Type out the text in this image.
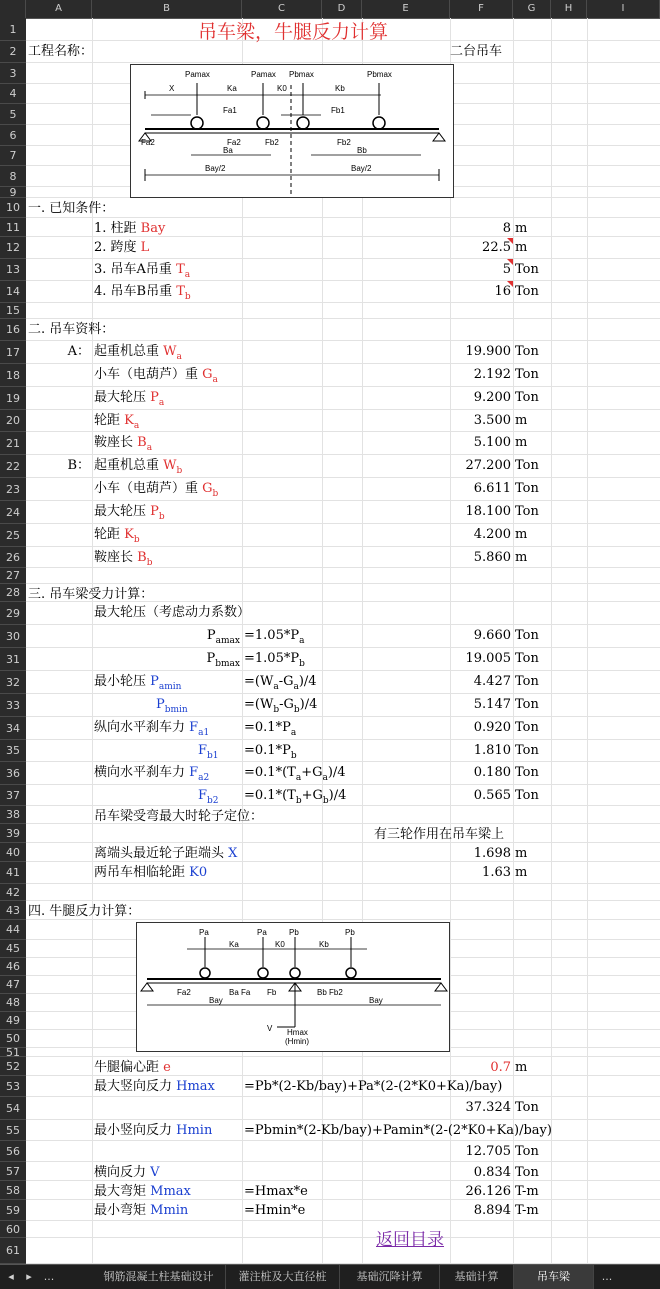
A	B	C	D	E	F	G	H	I
1
2
3
4
5
6
7
8
9
10
11
12
13
14
15
16
17
18
19
20
21
22
23
24
25
26
27
28
29
30
31
32
33
34
35
36
37
38
39
40
41
42
43
44
45
46
47
48
49
50
51
52
53
54
55
56
57
58
59
60
61
吊车梁，牛腿反力计算
工程名称：	二台吊车
Pamax	Pamax Pbmax	Pbmax
X	Ka	K0	Kb
Fa1	Fb1
Fa2	Fa2	Fb2	Fb2
Ba	Bb
Bay/2	Bay/2
一. 已知条件：
1. 柱距 Bay	8 m
2. 跨度 L	22.5 m
3. 吊车A吊重 $T_a$	5 Ton
4. 吊车B吊重 $T_b$	16 Ton
二. 吊车资料：
A： 起重机总重 $W_a$	19.900 Ton
小车（电葫芦）重 $G_a$	2.192 Ton
最大轮压 $P_a$	9.200 Ton
轮距 $K_a$	3.500 m
鞍座长 $B_a$	5.100 m
B： 起重机总重 $W_b$	27.200 Ton
小车（电葫芦）重 $G_b$	6.611 Ton
最大轮压 $P_b$	18.100 Ton
轮距 $K_b$	4.200 m
鞍座长 $B_b$	5.860 m
三. 吊车梁受力计算：
最大轮压（考虑动力系数）
$P_{amax} =1.05*P_a$	9.660 Ton
$P_{bmax} =1.05*P_b$	19.005 Ton
最小轮压 $P_{amin}$	$=(W_a-G_a)/4$	4.427 Ton
$P_{bmin}$	$=(W_b-G_b)/4$	5.147 Ton
纵向水平刹车力 $F_{a1}$	$=0.1*P_a$	0.920 Ton
$F_{b1} =0.1*P_b$	1.810 Ton
横向水平刹车力 $F_{a2}$	$=0.1*(T_a+G_a)/4$	0.180 Ton
$F_{b2} =0.1*(T_b+G_b)/4$	0.565 Ton
吊车梁受弯最大时轮子定位：
有三轮作用在吊车梁上
离端头最近轮子距端头 X	1.698 m
两吊车相临轮距 K0	1.63 m
四. 牛腿反力计算：
Pa	Pa	Pb	Pb
Ka	K0	Kb
Fa2	Ba Fa Fb	Bb Fb2
Bay	Bay
V Hmax
(Hmin)
牛腿偏心距 e	0.7 m
最大竖向反力 Hmax =Pb*(2-Kb/bay)+Pa*(2-(2*K0+Ka)/bay)
37.324 Ton
最小竖向反力 Hmin =Pbmin*(2-Kb/bay)+Pamin*(2-(2*K0+Ka)/bay)
12.705 Ton
横向反力 V	0.834 Ton
最大弯矩 Mmax	=Hmax*e	26.126 T-m
最小弯矩 Mmin	=Hmin*e	8.894 T-m
返回目录
◂	▸	...	钢筋混凝土柱基础设计	灌注桩及大直径桩	基础沉降计算	基础计算	吊车梁	...
